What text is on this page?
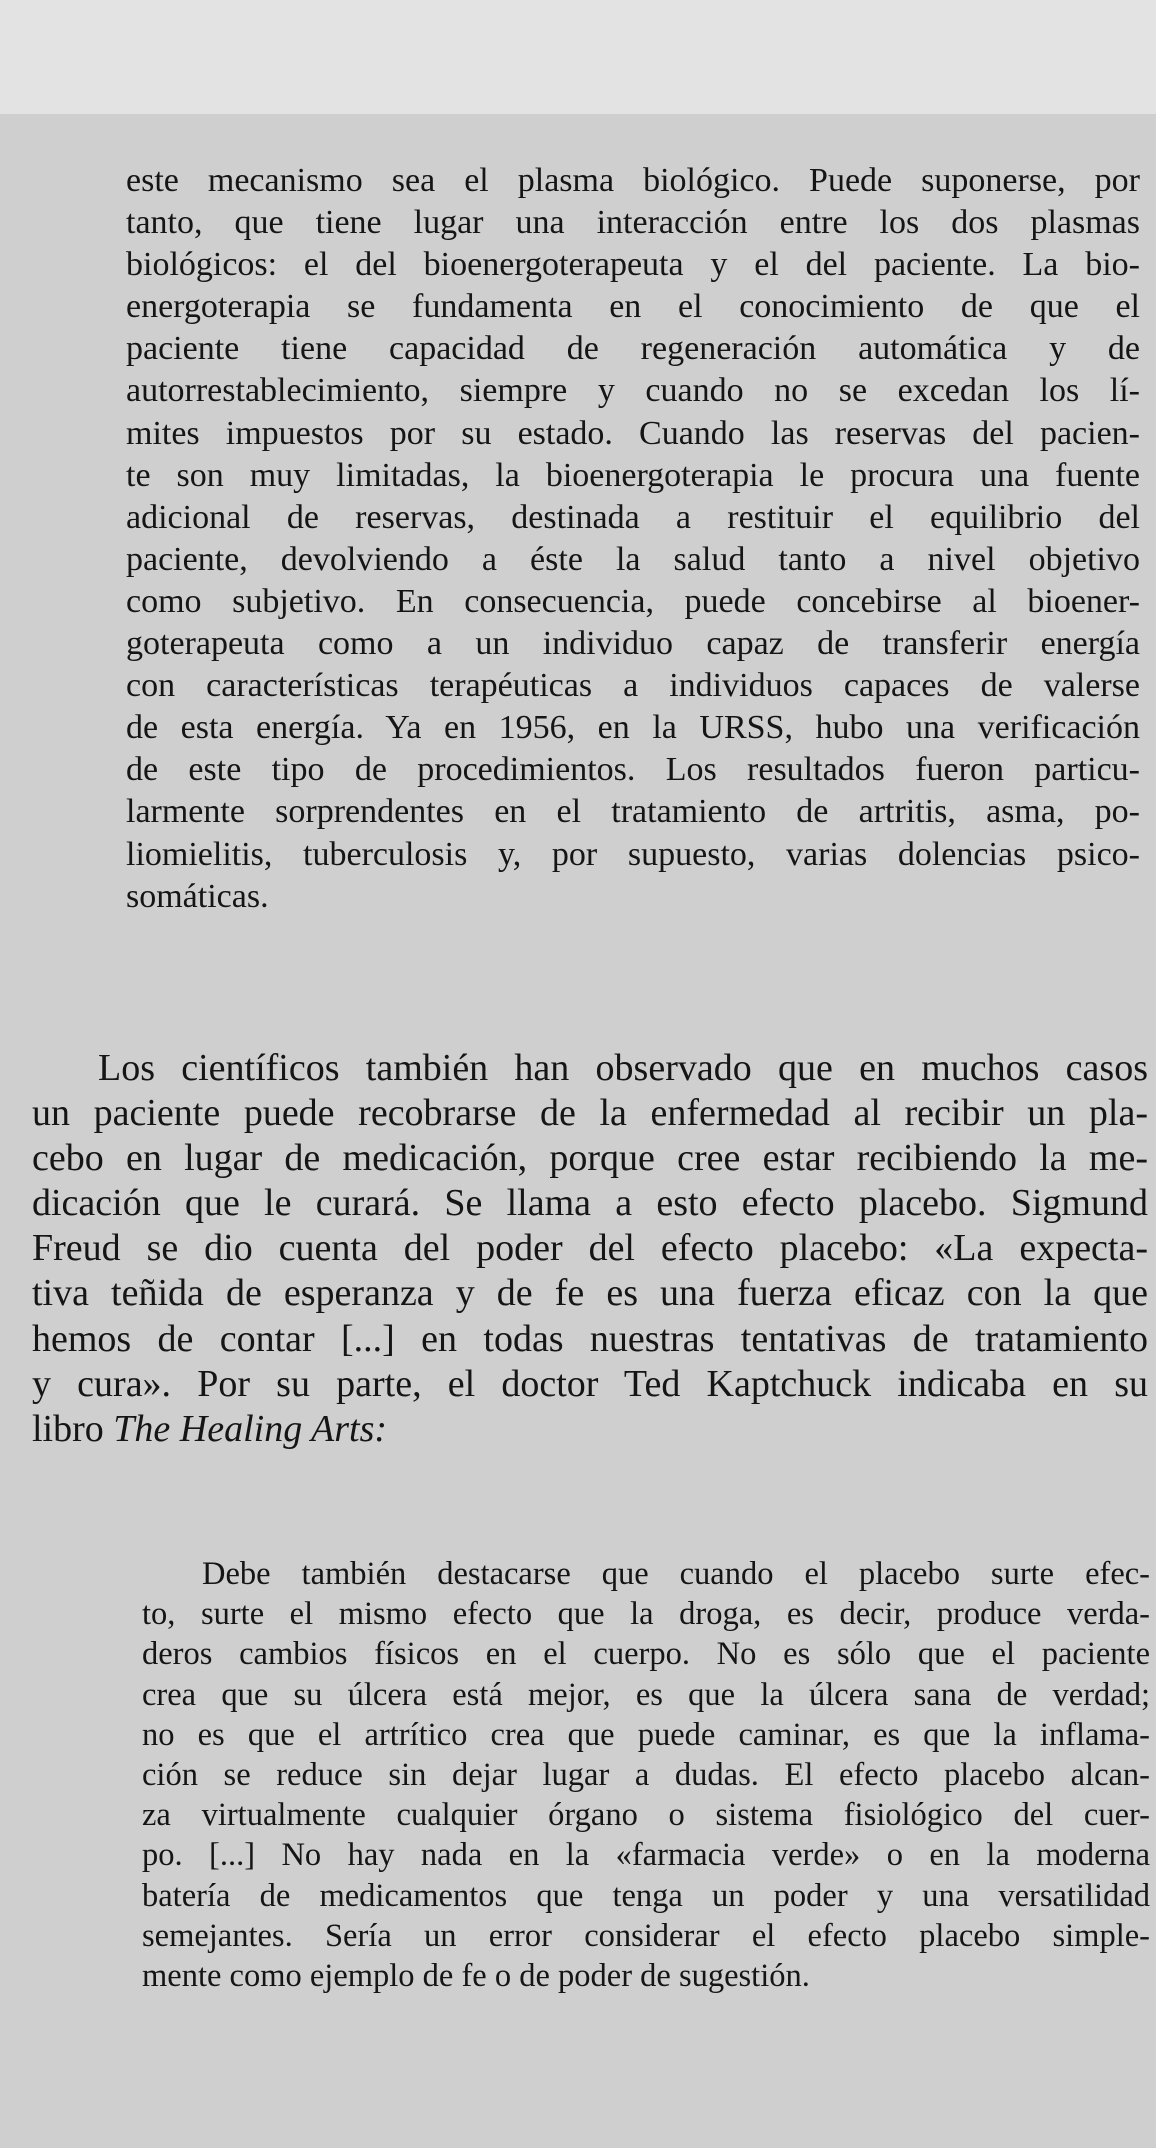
este mecanismo sea el plasma biológico. Puede suponerse, por
tanto, que tiene lugar una interacción entre los dos plasmas
biológicos: el del bioenergoterapeuta y el del paciente. La bio-
energoterapia se fundamenta en el conocimiento de que el
paciente tiene capacidad de regeneración automática y de
autorrestablecimiento, siempre y cuando no se excedan los lí-
mites impuestos por su estado. Cuando las reservas del pacien-
te son muy limitadas, la bioenergoterapia le procura una fuente
adicional de reservas, destinada a restituir el equilibrio del
paciente, devolviendo a éste la salud tanto a nivel objetivo
como subjetivo. En consecuencia, puede concebirse al bioener-
goterapeuta como a un individuo capaz de transferir energía
con características terapéuticas a individuos capaces de valerse
de esta energía. Ya en 1956, en la URSS, hubo una verificación
de este tipo de procedimientos. Los resultados fueron particu-
larmente sorprendentes en el tratamiento de artritis, asma, po-
liomielitis, tuberculosis y, por supuesto, varias dolencias psico-
somáticas.
Los científicos también han observado que en muchos casos
un paciente puede recobrarse de la enfermedad al recibir un pla-
cebo en lugar de medicación, porque cree estar recibiendo la me-
dicación que le curará. Se llama a esto efecto placebo. Sigmund
Freud se dio cuenta del poder del efecto placebo: «La expecta-
tiva teñida de esperanza y de fe es una fuerza eficaz con la que
hemos de contar [...] en todas nuestras tentativas de tratamiento
y cura». Por su parte, el doctor Ted Kaptchuck indicaba en su
libro The Healing Arts:
Debe también destacarse que cuando el placebo surte efec-
to, surte el mismo efecto que la droga, es decir, produce verda-
deros cambios físicos en el cuerpo. No es sólo que el paciente
crea que su úlcera está mejor, es que la úlcera sana de verdad;
no es que el artrítico crea que puede caminar, es que la inflama-
ción se reduce sin dejar lugar a dudas. El efecto placebo alcan-
za virtualmente cualquier órgano o sistema fisiológico del cuer-
po. [...] No hay nada en la «farmacia verde» o en la moderna
batería de medicamentos que tenga un poder y una versatilidad
semejantes. Sería un error considerar el efecto placebo simple-
mente como ejemplo de fe o de poder de sugestión.
